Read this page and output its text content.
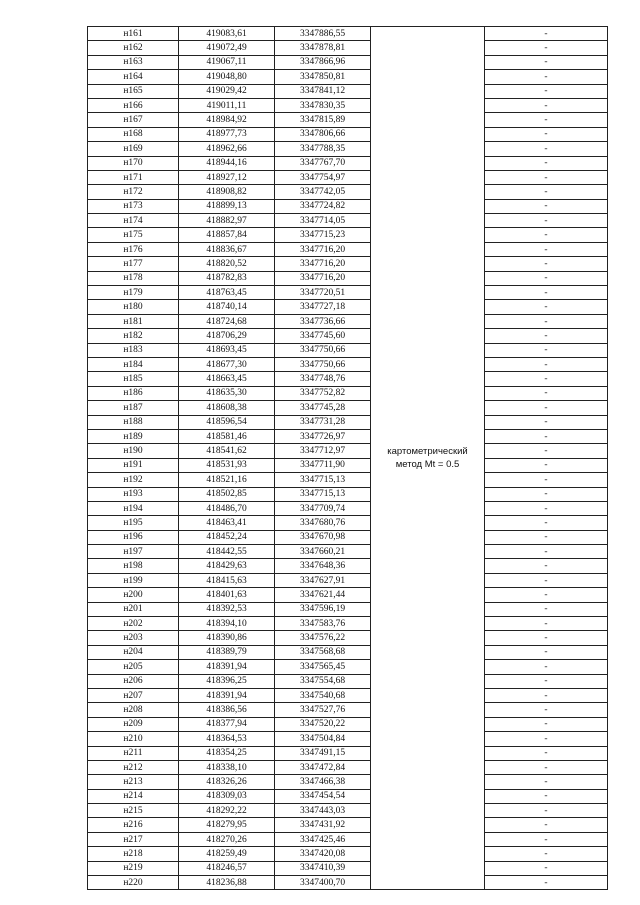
н161	419083,61	3347886,55	картометрический метод Mt = 0.5	-
н162	419072,49	3347878,81		-
н163	419067,11	3347866,96		-
н164	419048,80	3347850,81		-
н165	419029,42	3347841,12		-
н166	419011,11	3347830,35		-
н167	418984,92	3347815,89		-
н168	418977,73	3347806,66		-
н169	418962,66	3347788,35		-
н170	418944,16	3347767,70		-
н171	418927,12	3347754,97		-
н172	418908,82	3347742,05		-
н173	418899,13	3347724,82		-
н174	418882,97	3347714,05		-
н175	418857,84	3347715,23		-
н176	418836,67	3347716,20		-
н177	418820,52	3347716,20		-
н178	418782,83	3347716,20		-
н179	418763,45	3347720,51		-
н180	418740,14	3347727,18		-
н181	418724,68	3347736,66		-
н182	418706,29	3347745,60		-
н183	418693,45	3347750,66		-
н184	418677,30	3347750,66		-
н185	418663,45	3347748,76		-
н186	418635,30	3347752,82		-
н187	418608,38	3347745,28		-
н188	418596,54	3347731,28		-
н189	418581,46	3347726,97		-
н190	418541,62	3347712,97		-
н191	418531,93	3347711,90		-
н192	418521,16	3347715,13		-
н193	418502,85	3347715,13		-
н194	418486,70	3347709,74		-
н195	418463,41	3347680,76		-
н196	418452,24	3347670,98		-
н197	418442,55	3347660,21		-
н198	418429,63	3347648,36		-
н199	418415,63	3347627,91		-
н200	418401,63	3347621,44		-
н201	418392,53	3347596,19		-
н202	418394,10	3347583,76		-
н203	418390,86	3347576,22		-
н204	418389,79	3347568,68		-
н205	418391,94	3347565,45		-
н206	418396,25	3347554,68		-
н207	418391,94	3347540,68		-
н208	418386,56	3347527,76		-
н209	418377,94	3347520,22		-
н210	418364,53	3347504,84		-
н211	418354,25	3347491,15		-
н212	418338,10	3347472,84		-
н213	418326,26	3347466,38		-
н214	418309,03	3347454,54		-
н215	418292,22	3347443,03		-
н216	418279,95	3347431,92		-
н217	418270,26	3347425,46		-
н218	418259,49	3347420,08		-
н219	418246,57	3347410,39		-
н220	418236,88	3347400,70		-
